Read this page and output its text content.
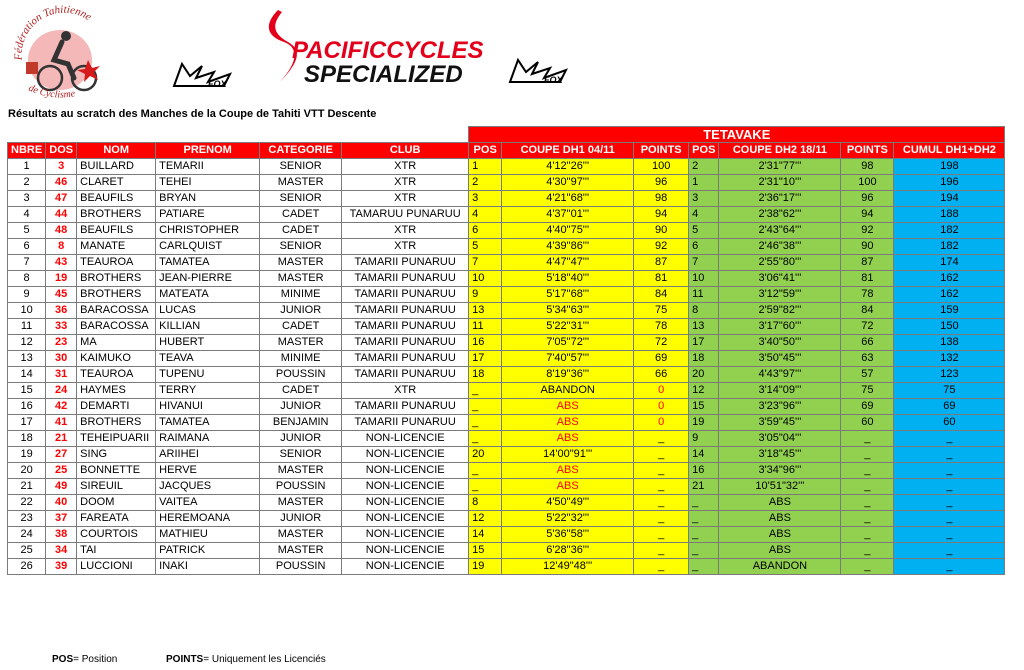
Fédération Tahitienne
de Cyclisme
FOX
PACIFICCYCLES
SPECIALIZED	FOX
Résultats au scratch des Manches de la Coupe de Tahiti VTT Descente
						TETAVAKE						
NBRE	DOS	NOM	PRENOM	CATEGORIE	CLUB	POS	COUPE DH1 04/11	POINTS	POS	COUPE DH2 18/11	POINTS	CUMUL DH1+DH2
1	3	BUILLARD	TEMARII	SENIOR	XTR	1	4'12"26'''	100	2	2'31"77'''	98	198
2	46	CLARET	TEHEI	MASTER	XTR	2	4'30"97'''	96	1	2'31"10'''	100	196
3	47	BEAUFILS	BRYAN	SENIOR	XTR	3	4'21"68'''	98	3	2'36"17'''	96	194
4	44	BROTHERS	PATIARE	CADET	TAMARUU PUNARUU	4	4'37"01'''	94	4	2'38"62'''	94	188
5	48	BEAUFILS	CHRISTOPHER	CADET	XTR	6	4'40"75'''	90	5	2'43"64'''	92	182
6	8	MANATE	CARLQUIST	SENIOR	XTR	5	4'39"86'''	92	6	2'46"38'''	90	182
7	43	TEAUROA	TAMATEA	MASTER	TAMARII PUNARUU	7	4'47"47'''	87	7	2'55"80'''	87	174
8	19	BROTHERS	JEAN-PIERRE	MASTER	TAMARII PUNARUU	10	5'18"40'''	81	10	3'06"41'''	81	162
9	45	BROTHERS	MATEATA	MINIME	TAMARII PUNARUU	9	5'17"68'''	84	11	3'12"59'''	78	162
10	36	BARACOSSA	LUCAS	JUNIOR	TAMARII PUNARUU	13	5'34"63'''	75	8	2'59"82'''	84	159
11	33	BARACOSSA	KILLIAN	CADET	TAMARII PUNARUU	11	5'22"31'''	78	13	3'17"60'''	72	150
12	23	MA	HUBERT	MASTER	TAMARII PUNARUU	16	7'05"72'''	72	17	3'40"50'''	66	138
13	30	KAIMUKO	TEAVA	MINIME	TAMARII PUNARUU	17	7'40"57'''	69	18	3'50"45'''	63	132
14	31	TEAUROA	TUPENU	POUSSIN	TAMARII PUNARUU	18	8'19"36'''	66	20	4'43"97'''	57	123
15	24	HAYMES	TERRY	CADET	XTR	_	ABANDON	0	12	3'14"09'''	75	75
16	42	DEMARTI	HIVANUI	JUNIOR	TAMARII PUNARUU	_	ABS	0	15	3'23"96'''	69	69
17	41	BROTHERS	TAMATEA	BENJAMIN	TAMARII PUNARUU	_	ABS	0	19	3'59"45'''	60	60
18	21	TEHEIPUARII	RAIMANA	JUNIOR	NON-LICENCIE	_	ABS	_	9	3'05"04'''	_	_
19	27	SING	ARIIHEI	SENIOR	NON-LICENCIE	20	14'00"91'''	_	14	3'18"45'''	_	_
20	25	BONNETTE	HERVE	MASTER	NON-LICENCIE	_	ABS	_	16	3'34"96'''	_	_
21	49	SIREUIL	JACQUES	POUSSIN	NON-LICENCIE	_	ABS	_	21	10'51"32'''	_	_
22	40	DOOM	VAITEA	MASTER	NON-LICENCIE	8	4'50"49'''	_	_	ABS	_	_
23	37	FAREATA	HEREMOANA	JUNIOR	NON-LICENCIE	12	5'22"32'''	_	_	ABS	_	_
24	38	COURTOIS	MATHIEU	MASTER	NON-LICENCIE	14	5'36"58'''	_	_	ABS	_	_
25	34	TAI	PATRICK	MASTER	NON-LICENCIE	15	6'28"36'''	_	_	ABS	_	_
26	39	LUCCIONI	INAKI	POUSSIN	NON-LICENCIE	19	12'49"48'''	_	_	ABANDON	_	_
POS= Position	POINTS= Uniquement les Licenciés
